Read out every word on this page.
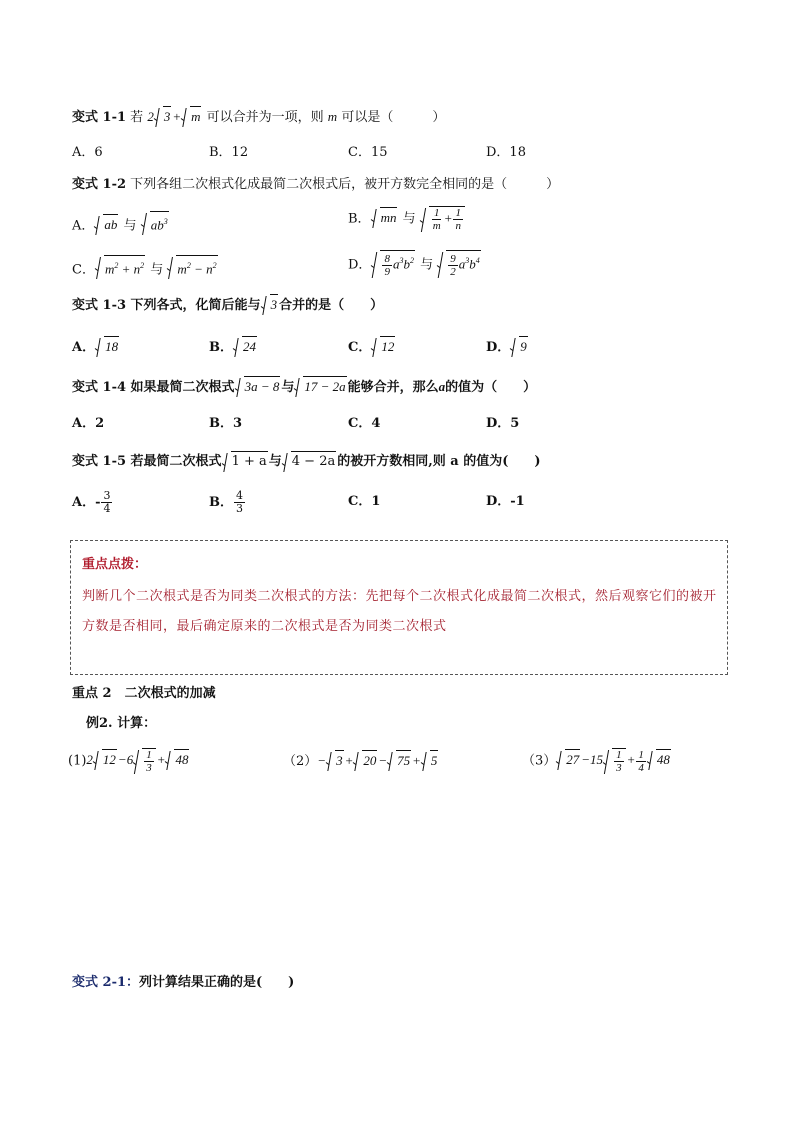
变式 1-1 若 2 3 + m 可以合并为一项，则 m 可以是（　　　）
A．6	B．12	C．15	D．18
变式 1-2 下列各组二次根式化成最简二次根式后，被开方数完全相同的是（　　　）
A． ab 与 $ab^3$	B． mn 与 $\frac{1}{m} + \frac{1}{n}$
C． $m^2 + n^2$ 与 $m^2 - n^2$	D． $\frac{8}{9} a^3b^2$ 与 $\frac{9}{2} a^3b^4$
变式 1-3 下列各式，化简后能与 3 合并的是（　　）
A． 18	B． 24	C． 12	D． 9
变式 1-4 如果最简二次根式 3a − 8 与 17 − 2a 能够合并，那么a的值为（　　）
A．2	B．3	C．4	D．5
变式 1-5 若最简二次根式 1 + a 与 4 − 2a 的被开方数相同,则 a 的值为(　　)
A．- $\frac{3}{4}$	B． $\frac{4}{3}$	C．1	D．-1
重点点拨：
判断几个二次根式是否为同类二次根式的方法：先把每个二次根式化成最简二次根式，然后观察它们的被开方数是否相同，最后确定原来的二次根式是否为同类二次根式
重点 2　二次根式的加减
例2. 计算：
(1)2 $12 -6 \frac{1}{3} + 48$	（2）− 3 + 20 − 75 + 5	（3） $27 -15 \frac{1}{3} + \frac{1}{4} 48$
变式 2-1：列计算结果正确的是(　　)
